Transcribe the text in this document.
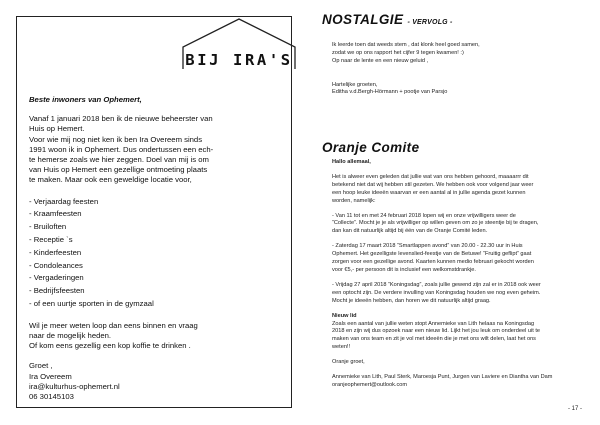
BIJ IRA'S

Beste inwoners van Ophemert,

Vanaf 1 januari 2018 ben ik de nieuwe beheerster van
Huis op Hemert.
Voor wie mij nog niet ken ik ben Ira Overeem sinds
1991 woon ik in Ophemert. Dus ondertussen een ech-
te hemerse zoals we hier zeggen. Doel van mij is om
van Huis op Hemert een gezellige ontmoeting plaats
te maken. Maar ook een geweldige locatie voor,

- Verjaardag feesten
- Kraamfeesten
- Bruiloften
- Receptie `s
- Kinderfeesten
- Condoleances
- Vergaderingen
- Bedrijfsfeesten
- of een uurtje sporten in de gymzaal

Wil je meer weten loop dan eens binnen en vraag
naar de mogelijk heden.
Of kom eens gezellig een kop koffie te drinken .

Groet ,
Ira Overeem
ira@kulturhus-ophemert.nl
06 30145103

NOSTALGIE - VERVOLG -

Ik leerde toen dat weeds stem , dat klonk heel goed samen,
zodat we op ons rapport het cijfer 9 tegen kwamen! :)
Op naar de lente en een nieuw geluid ,

Hartelijke groeten,
Editha v.d.Bergh-Hörmann + pootje van Parsjo

Oranje Comite

Hallo allemaal,

Het is alweer even geleden dat jullie wat van ons hebben gehoord, maaaarrr dit
betekend niet dat wij hebben stil gezeten. We hebben ook voor volgend jaar weer
een hoop leuke ideeën waarvan er een aantal al in jullie agenda gezet kunnen
worden, namelijk:

- Van 11 tot en met 24 februari 2018 lopen wij en onze vrijwilligers weer de
“Collecte”. Mocht je je als vrijwilliger op willen geven om zo je steentje bij te dragen,
dan kan dit natuurlijk altijd bij één van de Oranje Comité leden.

- Zaterdag 17 maart 2018 “Smartlappen avond” van 20.00 - 22.30 uur in Huis
Ophemert. Het gezelligste levenslied-feestje van de Betuwe! “Fruitig geflipt” gaat
zorgen voor een gezellige avond. Kaarten kunnen medio februari gekocht worden
voor €5,- per persoon dit is inclusief een welkomstdrankje.

- Vrijdag 27 april 2018 “Koningsdag”, zoals jullie gewend zijn zal er in 2018 ook weer
een optocht zijn. De verdere invulling van Koningsdag houden we nog even geheim.
Mocht je ideeën hebben, dan horen we dit natuurlijk altijd graag.

Nieuw lid

Zoals een aantal van jullie weten stopt Annemieke van Lith helaas na Koningsdag
2018 en zijn wij dus opzoek naar een nieuw lid. Lijkt het jou leuk om onderdeel uit te
maken van ons team en zit je vol met ideeën die je met ons wilt delen, laat het ons
weten!!

Oranje groet,

Annemieke van Lith, Paul Sterk, Maroesja Punt, Jurgen van Laviere en Diantha van Dam
oranjeophemert@outlook.com

- 17 -
